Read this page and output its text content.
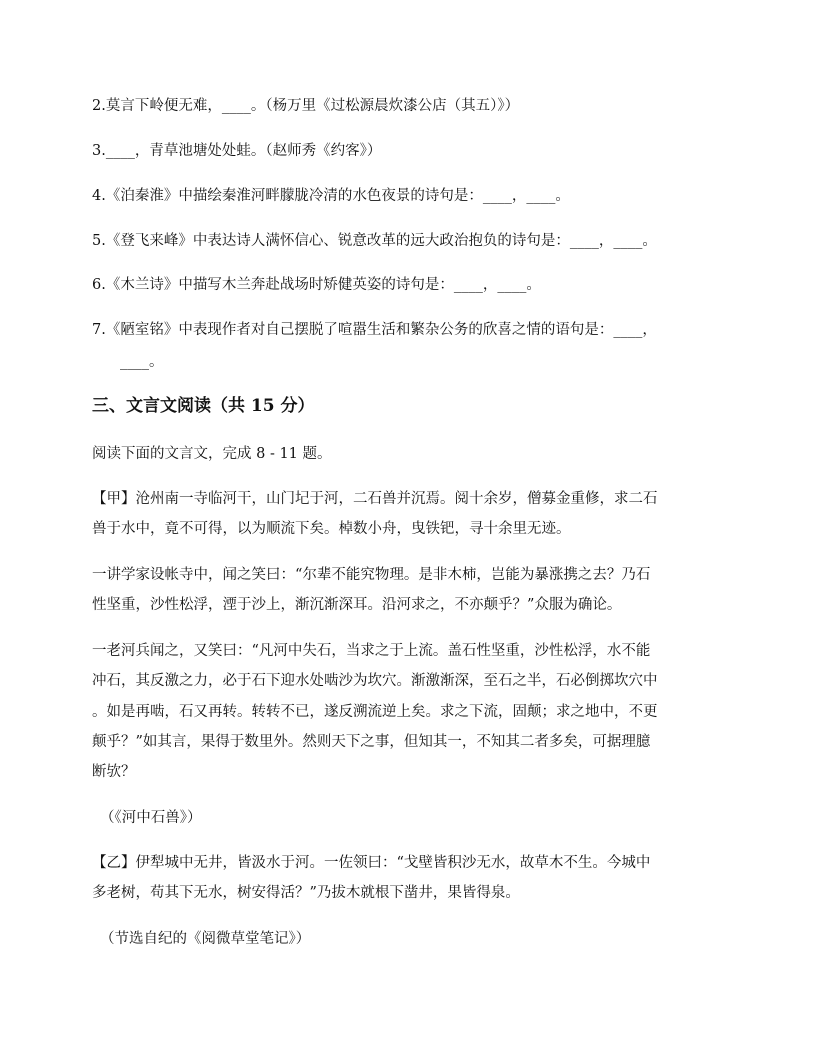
2.莫言下岭便无难，____。（杨万里《过松源晨炊漆公店（其五）》）
3.____，青草池塘处处蛙。（赵师秀《约客》）
4.《泊秦淮》中描绘秦淮河畔朦胧冷清的水色夜景的诗句是：____，____。
5.《登飞来峰》中表达诗人满怀信心、锐意改革的远大政治抱负的诗句是：____，____。
6.《木兰诗》中描写木兰奔赴战场时矫健英姿的诗句是：____，____。
7.《陋室铭》中表现作者对自己摆脱了喧嚣生活和繁杂公务的欣喜之情的语句是：____，
____。
三、文言文阅读（共 15 分）
阅读下面的文言文，完成 8 - 11 题。
【甲】沧州南一寺临河干，山门圮于河，二石兽并沉焉。阅十余岁，僧募金重修，求二石
兽于水中，竟不可得，以为顺流下矣。棹数小舟，曳铁钯，寻十余里无迹。
一讲学家设帐寺中，闻之笑曰：“尔辈不能究物理。是非木柿，岂能为暴涨携之去？乃石
性坚重，沙性松浮，湮于沙上，渐沉渐深耳。沿河求之，不亦颠乎？”众服为确论。
一老河兵闻之，又笑曰：“凡河中失石，当求之于上流。盖石性坚重，沙性松浮，水不能
冲石，其反激之力，必于石下迎水处啮沙为坎穴。渐激渐深，至石之半，石必倒掷坎穴中
。如是再啮，石又再转。转转不已，遂反溯流逆上矣。求之下流，固颠；求之地中，不更
颠乎？”如其言，果得于数里外。然则天下之事，但知其一，不知其二者多矣，可据理臆
断欤？
（《河中石兽》）
【乙】伊犁城中无井，皆汲水于河。一佐领曰：“戈壁皆积沙无水，故草木不生。今城中
多老树，苟其下无水，树安得活？”乃拔木就根下凿井，果皆得泉。
（节选自纪的《阅微草堂笔记》）
